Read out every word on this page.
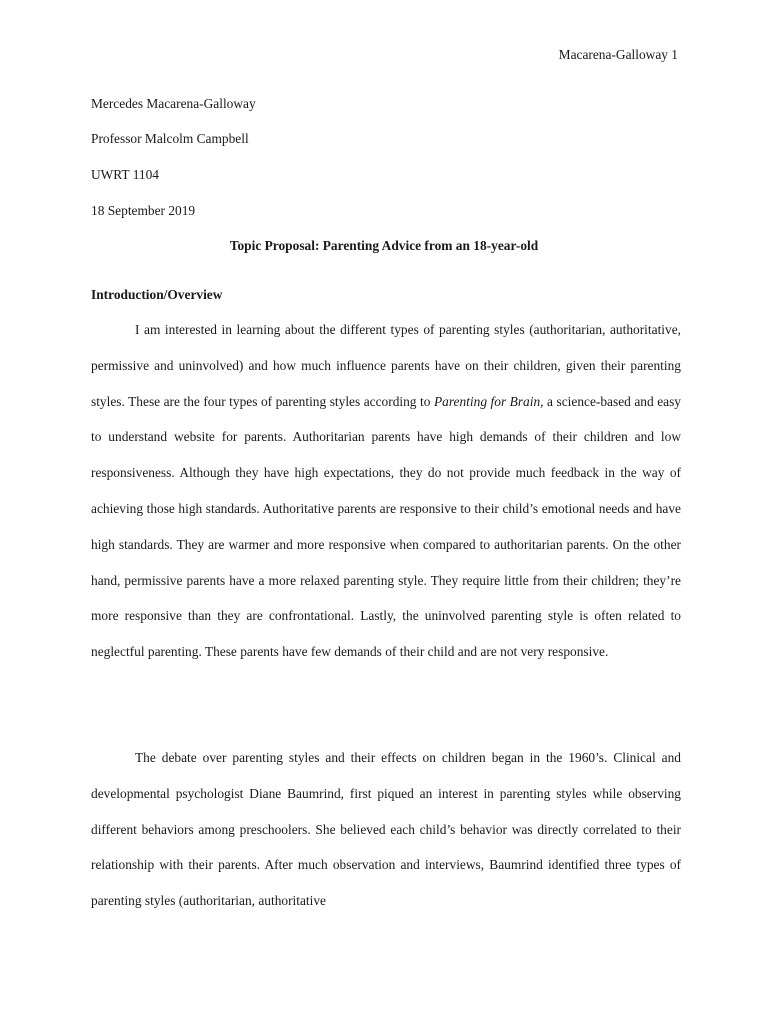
Macarena-Galloway 1
Mercedes Macarena-Galloway
Professor Malcolm Campbell
UWRT 1104
18 September 2019
Topic Proposal: Parenting Advice from an 18-year-old
Introduction/Overview

I am interested in learning about the different types of parenting styles (authoritarian, authoritative, permissive and uninvolved) and how much influence parents have on their children, given their parenting styles. These are the four types of parenting styles according to Parenting for Brain, a science-based and easy to understand website for parents. Authoritarian parents have high demands of their children and low responsiveness. Although they have high expectations, they do not provide much feedback in the way of achieving those high standards. Authoritative parents are responsive to their child’s emotional needs and have high standards. They are warmer and more responsive when compared to authoritarian parents. On the other hand, permissive parents have a more relaxed parenting style. They require little from their children; they’re more responsive than they are confrontational. Lastly, the uninvolved parenting style is often related to neglectful parenting. These parents have few demands of their child and are not very responsive.

The debate over parenting styles and their effects on children began in the 1960’s. Clinical and developmental psychologist Diane Baumrind, first piqued an interest in parenting styles while observing different behaviors among preschoolers. She believed each child’s behavior was directly correlated to their relationship with their parents. After much observation and interviews, Baumrind identified three types of parenting styles (authoritarian, authoritative
